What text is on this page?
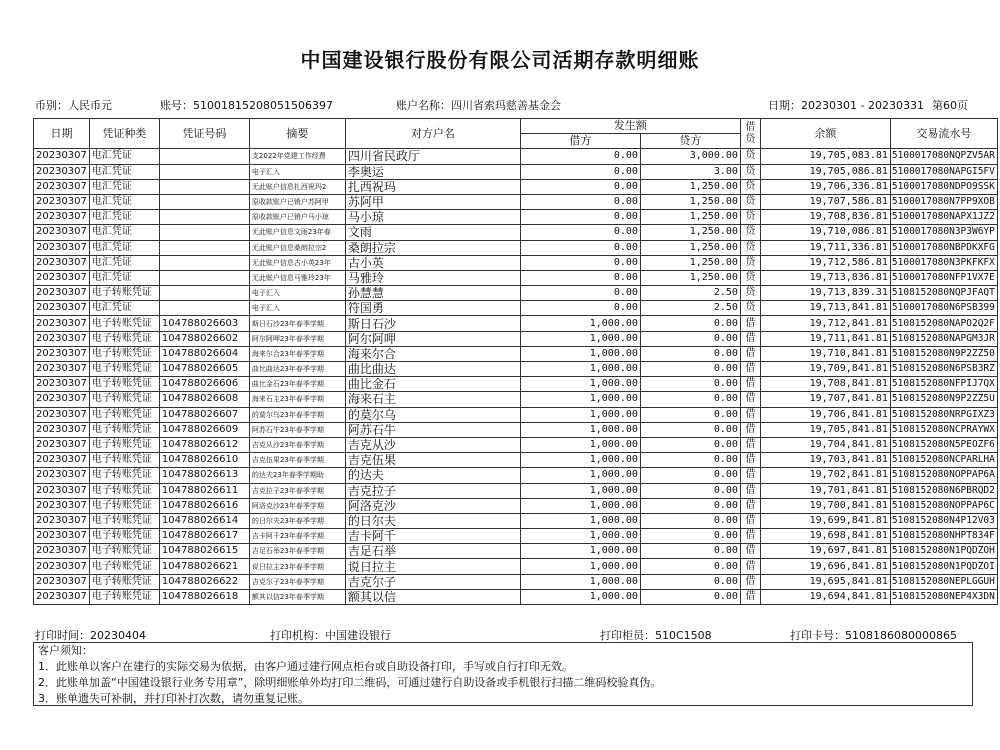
中国建设银行股份有限公司活期存款明细账
币别：人民币元	账号：51001815208051506397	账户名称：四川省索玛慈善基金会	日期：20230301 - 20230331 第60页
日期	凭证种类	凭证号码	摘要	对方户名	发生额		借贷	余额	交易流水号
					借方	贷方			
20230307	电汇凭证		支2022年党建工作经费	四川省民政厅	0.00	3,000.00	贷	19,705,083.81	5100017080NQPZV5AR
20230307	电汇凭证		电子汇入	李奥运	0.00	3.00	贷	19,705,086.81	5100017080NAPGI5FV
20230307	电汇凭证		无此账户信息扎西祝玛2	扎西祝玛	0.00	1,250.00	贷	19,706,336.81	5100017080NDPO9SSK
20230307	电汇凭证		原收款账户已销户苏阿甲	苏阿甲	0.00	1,250.00	贷	19,707,586.81	5100017080N7PP9XOB
20230307	电汇凭证		原收款账户已销户马小琼	马小琼	0.00	1,250.00	贷	19,708,836.81	5100017080NAPX1JZ2
20230307	电汇凭证		无此账户信息文雨23年春	文雨	0.00	1,250.00	贷	19,710,086.81	5100017080N3P3W6YP
20230307	电汇凭证		无此账户信息桑朗拉宗2	桑朗拉宗	0.00	1,250.00	贷	19,711,336.81	5100017080NBPDKXFG
20230307	电汇凭证		无此账户信息古小英23年	古小英	0.00	1,250.00	贷	19,712,586.81	5100017080N3PKFKFX
20230307	电汇凭证		无此账户信息马雅玲23年	马雅玲	0.00	1,250.00	贷	19,713,836.81	5100017080NFP1VX7E
20230307	电子转账凭证		电子汇入	孙慧慧	0.00	2.50	贷	19,713,839.31	5108152080NQPJFAQT
20230307	电汇凭证		电子汇入	符国勇	0.00	2.50	贷	19,713,841.81	5100017080N6PSB399
20230307	电子转账凭证	104788026603	斯日石沙23年春季学期	斯日石沙	1,000.00	0.00	借	19,712,841.81	5108152080NAPO2Q2F
20230307	电子转账凭证	104788026602	阿尔阿呷23年春季学期	阿尔阿呷	1,000.00	0.00	借	19,711,841.81	5108152080NAPGM3JR
20230307	电子转账凭证	104788026604	海来尔合23年春季学期	海来尔合	1,000.00	0.00	借	19,710,841.81	5108152080N9P2ZZ50
20230307	电子转账凭证	104788026605	曲比曲达23年春季学期	曲比曲达	1,000.00	0.00	借	19,709,841.81	5108152080N6PSB3RZ
20230307	电子转账凭证	104788026606	曲比金石23年春季学期	曲比金石	1,000.00	0.00	借	19,708,841.81	5108152080NFPIJ7QX
20230307	电子转账凭证	104788026608	海来石主23年春季学期	海来石主	1,000.00	0.00	借	19,707,841.81	5108152080N9P2ZZ5U
20230307	电子转账凭证	104788026607	的莫尔乌23年春季学期	的莫尔乌	1,000.00	0.00	借	19,706,841.81	5108152080NRPGIXZ3
20230307	电子转账凭证	104788026609	阿苏石牛23年春季学期	阿苏石牛	1,000.00	0.00	借	19,705,841.81	5108152080NCPRAYWX
20230307	电子转账凭证	104788026612	吉克从沙23年春季学期	吉克从沙	1,000.00	0.00	借	19,704,841.81	5108152080N5PEOZF6
20230307	电子转账凭证	104788026610	吉克伍果23年春季学期	吉克伍果	1,000.00	0.00	借	19,703,841.81	5108152080NCPARLHA
20230307	电子转账凭证	104788026613	的达夫23年春季学期助	的达夫	1,000.00	0.00	借	19,702,841.81	5108152080NOPPAP6A
20230307	电子转账凭证	104788026611	吉克拉子23年春季学期	吉克拉子	1,000.00	0.00	借	19,701,841.81	5108152080N6PBRQD2
20230307	电子转账凭证	104788026616	阿洛克沙23年春季学期	阿洛克沙	1,000.00	0.00	借	19,700,841.81	5108152080NOPPAP6C
20230307	电子转账凭证	104788026614	的日尔夫23年春季学期	的日尔夫	1,000.00	0.00	借	19,699,841.81	5108152080N4P12V03
20230307	电子转账凭证	104788026617	吉卡阿千23年春季学期	吉卡阿千	1,000.00	0.00	借	19,698,841.81	5108152080NHPT834F
20230307	电子转账凭证	104788026615	吉足石举23年春季学期	吉足石举	1,000.00	0.00	借	19,697,841.81	5108152080N1PQDZOH
20230307	电子转账凭证	104788026621	说日拉主23年春季学期	说日拉主	1,000.00	0.00	借	19,696,841.81	5108152080N1PQDZOI
20230307	电子转账凭证	104788026622	吉克尔子23年春季学期	吉克尔子	1,000.00	0.00	借	19,695,841.81	5108152080NEPLGGUH
20230307	电子转账凭证	104788026618	额其以信23年春季学期	额其以信	1,000.00	0.00	借	19,694,841.81	5108152080NEP4X3DN
打印时间：20230404	打印机构：中国建设银行	打印柜员：510C1508	打印卡号：5108186080000865
客户须知：
1．此账单以客户在建行的实际交易为依据，由客户通过建行网点柜台或自助设备打印，手写或自行打印无效。
2．此账单加盖“中国建设银行业务专用章”，除明细账单外均打印二维码，可通过建行自助设备或手机银行扫描二维码校验真伪。
3．账单遗失可补制，并打印补打次数，请勿重复记账。
